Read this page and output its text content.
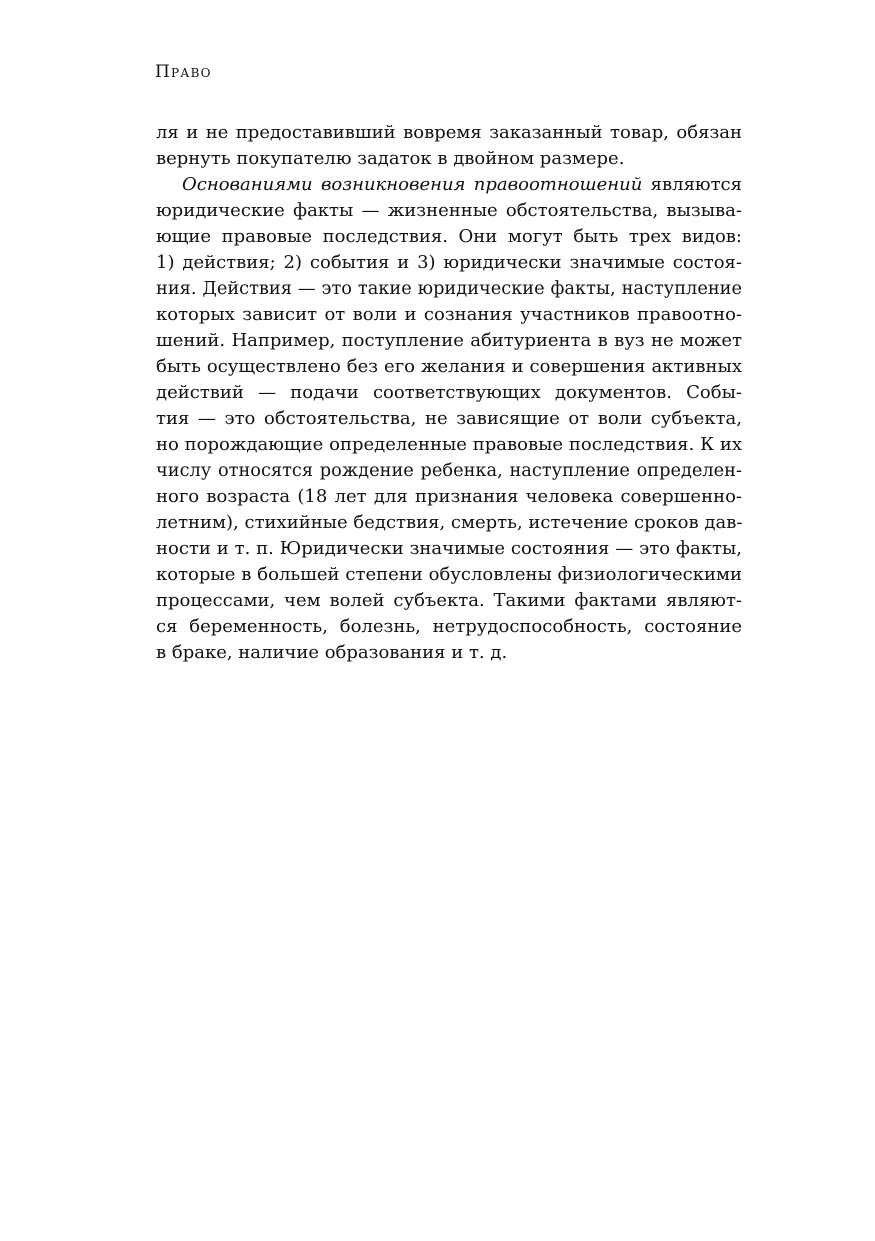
Право
ля и не предоставивший вовремя заказанный товар, обязан
вернуть покупателю задаток в двойном размере.
Основаниями возникновения правоотношений являются
юридические факты — жизненные обстоятельства, вызыва-
ющие правовые последствия. Они могут быть трех видов:
1) действия; 2) события и 3) юридически значимые состоя-
ния. Действия — это такие юридические факты, наступление
которых зависит от воли и сознания участников правоотно-
шений. Например, поступление абитуриента в вуз не может
быть осуществлено без его желания и совершения активных
действий — подачи соответствующих документов. Собы-
тия — это обстоятельства, не зависящие от воли субъекта,
но порождающие определенные правовые последствия. К их
числу относятся рождение ребенка, наступление определен-
ного возраста (18 лет для признания человека совершенно-
летним), стихийные бедствия, смерть, истечение сроков дав-
ности и т. п. Юридически значимые состояния — это факты,
которые в большей степени обусловлены физиологическими
процессами, чем волей субъекта. Такими фактами являют-
ся беременность, болезнь, нетрудоспособность, состояние
в браке, наличие образования и т. д.
